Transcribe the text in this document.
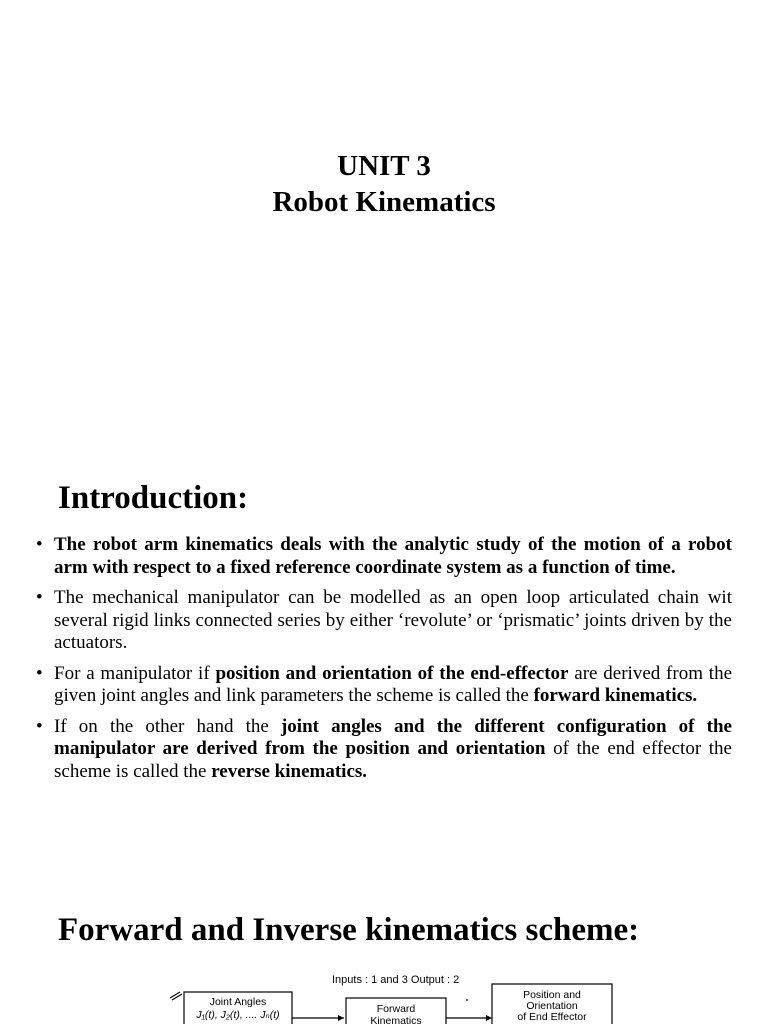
UNIT 3
Robot Kinematics
Introduction:
• The robot arm kinematics deals with the analytic study of the motion of a robot arm with respect to a fixed reference coordinate system as a function of time.
• The mechanical manipulator can be modelled as an open loop articulated chain wit several rigid links connected series by either ‘revolute’ or ‘prismatic’ joints driven by the actuators.
• For a manipulator if position and orientation of the end-effector are derived from the given joint angles and link parameters the scheme is called the forward kinematics.
• If on the other hand the joint angles and the different configuration of the manipulator are derived from the position and orientation of the end effector the scheme is called the reverse kinematics.
Forward and Inverse kinematics scheme:
Inputs : 1 and 3 Output : 2
Joint Angles
J₁(t), J₂(t), .... Jₙ(t)	Forward
Kinematics
Position and
Orientation
of End Effector
